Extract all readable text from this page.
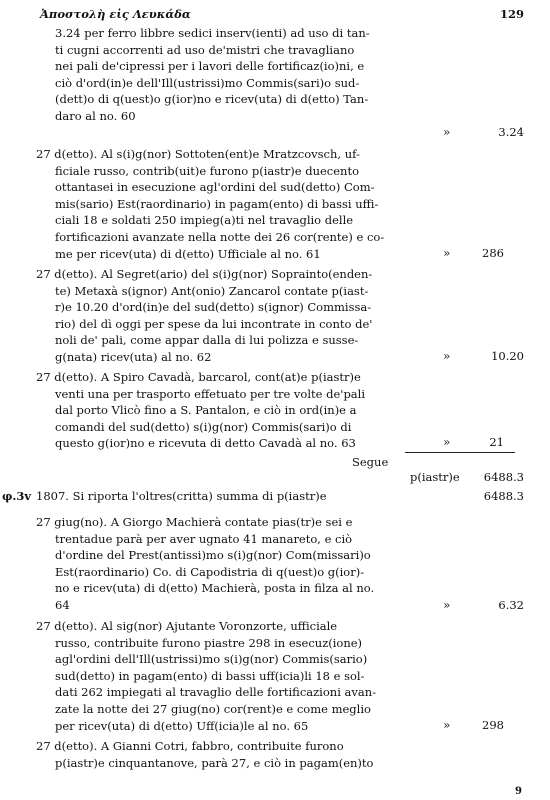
Ἀποστολὴ εἰς Λευκάδα	129
3.24 per ferro libbre sedici inserv(ienti) ad uso di tan-
ti cugni accorrenti ad uso de'mistri che travagliano
nei pali de'cipressi per i lavori delle fortificaz(io)ni, e
ciò d'ord(in)e dell'Ill(ustrissi)mo Commis(sari)o sud-
(dett)o di q(uest)o g(ior)no e ricev(uta) di d(etto) Tan-
daro al no. 60
»	3.24
27 d(etto). Al s(i)g(nor) Sottoten(ent)e Mratzcovsch, uf-
ficiale russo, contrib(uit)e furono p(iastr)e duecento
ottantasei in esecuzione agl'ordini del sud(detto) Com-
mis(sario) Est(raordinario) in pagam(ento) di bassi uffi-
ciali 18 e soldati 250 impieg(a)ti nel travaglio delle
fortificazioni avanzate nella notte dei 26 cor(rente) e co-
me per ricev(uta) di d(etto) Ufficiale al no. 61	»	286
27 d(etto). Al Segret(ario) del s(i)g(nor) Soprainto(enden-
te) Metaxà s(ignor) Ant(onio) Zancarol contate p(iast-
r)e 10.20 d'ord(in)e del sud(detto) s(ignor) Commissa-
rio) del dì oggi per spese da lui incontrate in conto de'
noli de' pali, come appar dalla di lui polizza e susse-
g(nata) ricev(uta) al no. 62	»	10.20
27 d(etto). A Spiro Cavadà, barcarol, cont(at)e p(iastr)e
venti una per trasporto effetuato per tre volte de'pali
dal porto Vlicò fino a S. Pantalon, e ciò in ord(in)e a
comandi del sud(detto) s(i)g(nor) Commis(sari)o di
questo g(ior)no e ricevuta di detto Cavadà al no. 63	»	21
Segue
p(iastr)e	6488.3
φ.3v 1807. Si riporta l'oltres(critta) summa di p(iastr)e	6488.3
27 giug(no). A Giorgo Machierà contate pias(tr)e sei e
trentadue parà per aver ugnato 41 manareto, e ciò
d'ordine del Prest(antissi)mo s(i)g(nor) Com(missari)o
Est(raordinario) Co. di Capodistria di q(uest)o g(ior)-
no e ricev(uta) di d(etto) Machierà, posta in filza al no.
64	»	6.32
27 d(etto). Al sig(nor) Ajutante Voronzorte, ufficiale
russo, contribuite furono piastre 298 in esecuz(ione)
agl'ordini dell'Ill(ustrissi)mo s(i)g(nor) Commis(sario)
sud(detto) in pagam(ento) di bassi uff(icia)li 18 e sol-
dati 262 impiegati al travaglio delle fortificazioni avan-
zate la notte dei 27 giug(no) cor(rent)e e come meglio
per ricev(uta) di d(etto) Uff(icia)le al no. 65	»	298
27 d(etto). A Gianni Cotri, fabbro, contribuite furono
p(iastr)e cinquantanove, parà 27, e ciò in pagam(en)to
9
